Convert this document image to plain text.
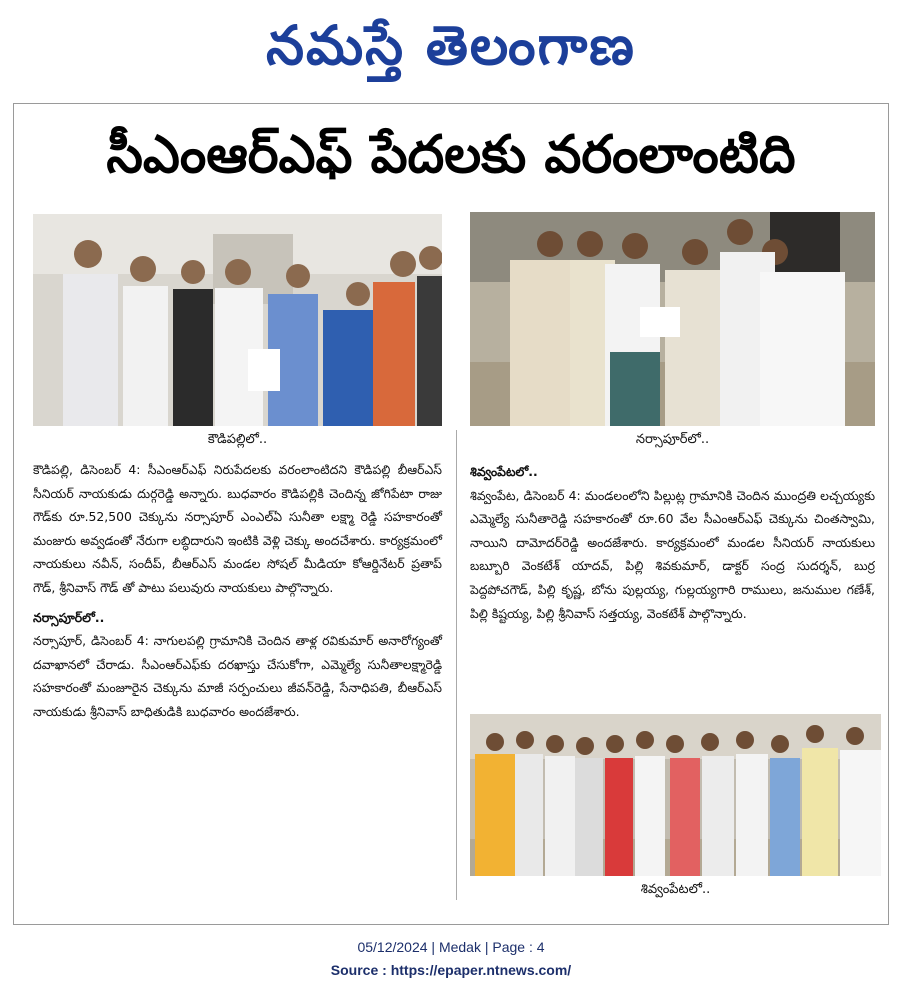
నమస్తే తెలంగాణ
సీఎంఆర్ఎఫ్ పేదలకు వరంలాంటిది
కౌడిపల్లిలో..	నర్సాపూర్‌లో..

కౌడిపల్లి, డిసెంబర్ 4: సీఎంఆర్ఎఫ్ నిరుపేదలకు వరంలాంటిదని కౌడిపల్లి బీఆర్ఎస్ సీనియర్ నాయకుడు దుర్గరెడ్డి అన్నారు. బుధవారం కౌడిపల్లికి చెందిన్న జోగిపేటా రాజు గౌడ్‌కు రూ.52,500 చెక్కును నర్సాపూర్ ఎంఎల్ఏ సునీతా లక్ష్మా రెడ్డి సహకారంతో మంజురు అవ్వడంతో నేరుగా లబ్ధిదారుని ఇంటికి వెళ్లి చెక్కు అందచేశారు. కార్యక్రమంలో నాయకులు నవీన్, సందీప్, బీఆర్ఎస్ మండల సోషల్ మీడియా కోఆర్డినేటర్ ప్రతాప్ గౌడ్, శ్రీనివాస్ గౌడ్ తో పాటు పలువురు నాయకులు పాల్గొన్నారు.

నర్సాపూర్‌లో..

నర్సాపూర్, డిసెంబర్ 4: నాగులపల్లి గ్రామానికి చెందిన తాళ్ల రవికుమార్ అనారోగ్యంతో దవాఖానలో చేరాడు. సీఎంఆర్ఎఫ్‌కు దరఖాస్తు చేసుకోగా, ఎమ్మెల్యే సునీతాలక్ష్మారెడ్డి సహకారంతో మంజూరైన చెక్కును మాజీ సర్పంచులు జీవన్‌రెడ్డి, సేనాధిపతి, బీఆర్ఎస్ నాయకుడు శ్రీనివాస్ బాధితుడికి బుధవారం అందజేశారు.

శివ్వంపేటలో..

శివ్వంపేట, డిసెంబర్ 4: మండలంలోని పిల్లుట్ల గ్రామానికి చెందిన ముంద్రతి లచ్చయ్యకు ఎమ్మెల్యే సునీతారెడ్డి సహకారంతో రూ.60 వేల సీఎంఆర్ఎఫ్ చెక్కును చింతస్వామి, నాయిని దామోదర్‌రెడ్డి అందజేశారు. కార్యక్రమంలో మండల సీనియర్ నాయకులు బబ్బూరి వెంకటేశ్ యాదవ్, పిల్లి శివకుమార్, డాక్టర్ సంద్ర సుదర్శన్, బుర్ర పెద్దపోచగౌడ్, పిల్లి కృష్ణ, బోను పుల్లయ్య, గుల్లయ్యగారి రాములు, జనుముల గణేశ్, పిల్లి కిష్టయ్య, పిల్లి శ్రీనివాస్ సత్తయ్య, వెంకటేశ్ పాల్గొన్నారు.

శివ్వంపేటలో..
05/12/2024 | Medak | Page : 4
Source : https://epaper.ntnews.com/
